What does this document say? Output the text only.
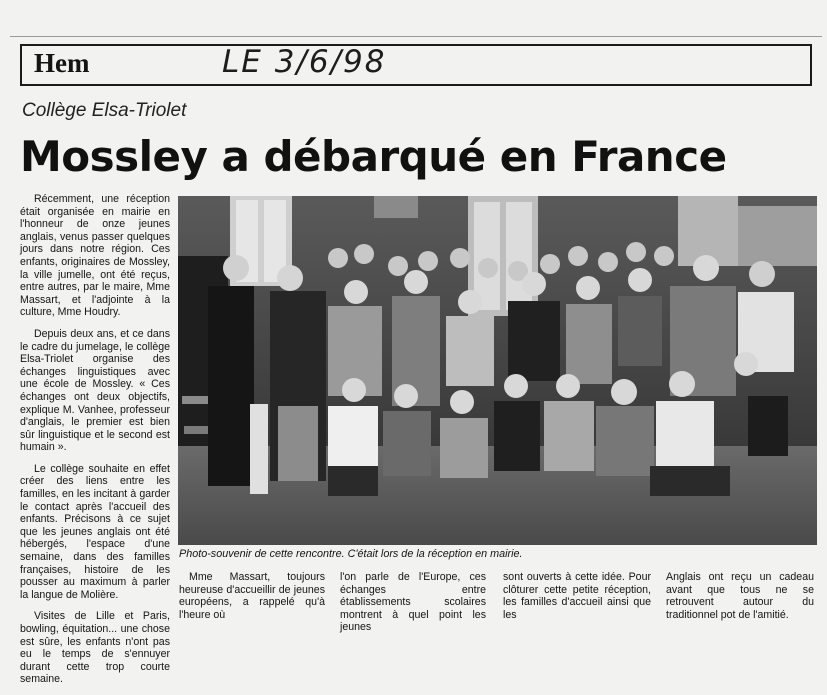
Hem	LE 3/6/98
Collège Elsa-Triolet
Mossley a débarqué en France

Récemment, une réception était organisée en mairie en l'honneur de onze jeunes anglais, venus passer quelques jours dans notre région. Ces enfants, originaires de Mossley, la ville jumelle, ont été reçus, entre autres, par le maire, Mme Massart, et l'adjointe à la culture, Mme Houdry.

Depuis deux ans, et ce dans le cadre du jumelage, le collège Elsa-Triolet organise des échanges linguistiques avec une école de Mossley. « Ces échanges ont deux objectifs, explique M. Vanhee, professeur d'anglais, le premier est bien sûr linguistique et le second est humain ».

Le collège souhaite en effet créer des liens entre les familles, en les incitant à garder le contact après l'accueil des enfants. Précisons à ce sujet que les jeunes anglais ont été hébergés, l'espace d'une semaine, dans des familles françaises, histoire de les pousser au maximum à parler la langue de Molière.

Visites de Lille et Paris, bowling, équitation... une chose est sûre, les enfants n'ont pas eu le temps de s'ennuyer durant cette trop courte semaine.

Photo-souvenir de cette rencontre. C'était lors de la réception en mairie.

Mme Massart, toujours heureuse d'accueillir de jeunes européens, a rappelé qu'à l'heure où

l'on parle de l'Europe, ces échanges entre établissements scolaires montrent à quel point les jeunes

sont ouverts à cette idée. Pour clôturer cette petite réception, les familles d'accueil ainsi que les

Anglais ont reçu un cadeau avant que tous ne se retrouvent autour du traditionnel pot de l'amitié.
